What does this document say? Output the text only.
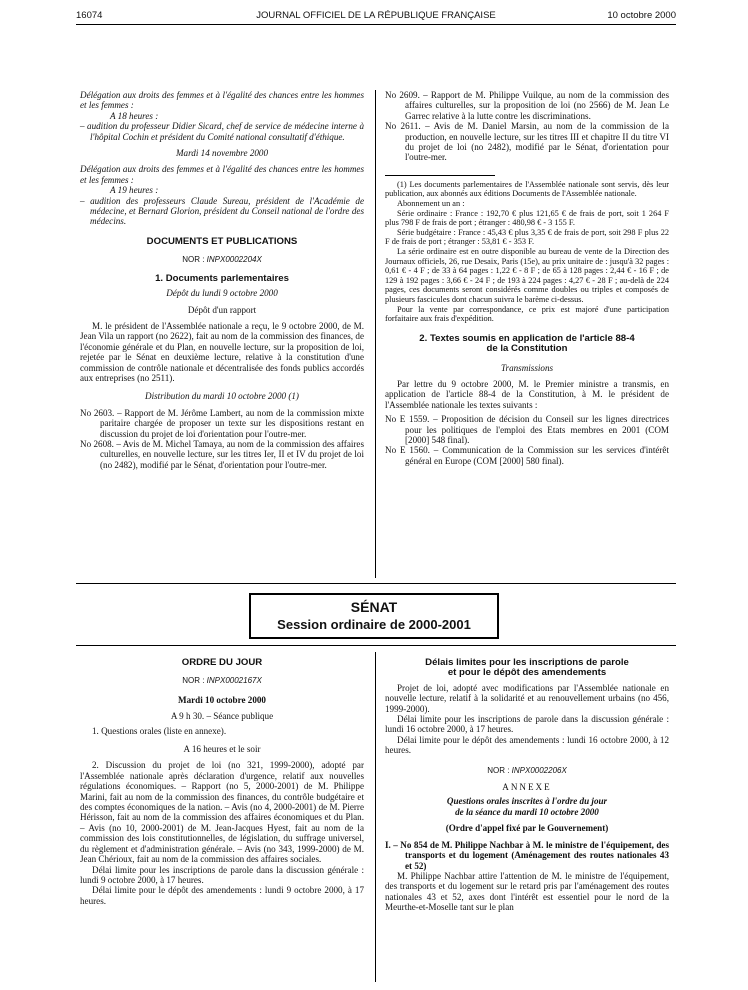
16074	JOURNAL OFFICIEL DE LA RÉPUBLIQUE FRANÇAISE	10 octobre 2000

Délégation aux droits des femmes et à l'égalité des chances entre les hommes et les femmes :

A 18 heures :

– audition du professeur Didier Sicard, chef de service de médecine interne à l'hôpital Cochin et président du Comité national consultatif d'éthique.

Mardi 14 novembre 2000

Délégation aux droits des femmes et à l'égalité des chances entre les hommes et les femmes :

A 19 heures :

– audition des professeurs Claude Sureau, président de l'Académie de médecine, et Bernard Glorion, président du Conseil national de l'ordre des médecins.

DOCUMENTS ET PUBLICATIONS

NOR : INPX0002204X

1. Documents parlementaires

Dépôt du lundi 9 octobre 2000

Dépôt d'un rapport

M. le président de l'Assemblée nationale a reçu, le 9 octobre 2000, de M. Jean Vila un rapport (no 2622), fait au nom de la commission des finances, de l'économie générale et du Plan, en nouvelle lecture, sur la proposition de loi, rejetée par le Sénat en deuxième lecture, relative à la constitution d'une commission de contrôle nationale et décentralisée des fonds publics accordés aux entreprises (no 2511).

Distribution du mardi 10 octobre 2000 (1)

No 2603. – Rapport de M. Jérôme Lambert, au nom de la commission mixte paritaire chargée de proposer un texte sur les dispositions restant en discussion du projet de loi d'orientation pour l'outre-mer.

No 2608. – Avis de M. Michel Tamaya, au nom de la commission des affaires culturelles, en nouvelle lecture, sur les titres Ier, II et IV du projet de loi (no 2482), modifié par le Sénat, d'orientation pour l'outre-mer.

No 2609. – Rapport de M. Philippe Vuilque, au nom de la commission des affaires culturelles, sur la proposition de loi (no 2566) de M. Jean Le Garrec relative à la lutte contre les discriminations.

No 2611. – Avis de M. Daniel Marsin, au nom de la commission de la production, en nouvelle lecture, sur les titres III et chapitre II du titre VI du projet de loi (no 2482), modifié par le Sénat, d'orientation pour l'outre-mer.

(1) Les documents parlementaires de l'Assemblée nationale sont servis, dès leur publication, aux abonnés aux éditions Documents de l'Assemblée nationale.

Abonnement un an :

Série ordinaire : France : 192,70 € plus 121,65 € de frais de port, soit 1 264 F plus 798 F de frais de port ; étranger : 480,98 € - 3 155 F.

Série budgétaire : France : 45,43 € plus 3,35 € de frais de port, soit 298 F plus 22 F de frais de port ; étranger : 53,81 € - 353 F.

La série ordinaire est en outre disponible au bureau de vente de la Direction des Journaux officiels, 26, rue Desaix, Paris (15e), au prix unitaire de : jusqu'à 32 pages : 0,61 € - 4 F ; de 33 à 64 pages : 1,22 € - 8 F ; de 65 à 128 pages : 2,44 € - 16 F ; de 129 à 192 pages : 3,66 € - 24 F ; de 193 à 224 pages : 4,27 € - 28 F ; au-delà de 224 pages, ces documents seront considérés comme doubles ou triples et composés de plusieurs fascicules dont chacun suivra le barème ci-dessus.

Pour la vente par correspondance, ce prix est majoré d'une participation forfaitaire aux frais d'expédition.

2. Textes soumis en application de l'article 88-4
de la Constitution

Transmissions

Par lettre du 9 octobre 2000, M. le Premier ministre a transmis, en application de l'article 88-4 de la Constitution, à M. le président de l'Assemblée nationale les textes suivants :

No E 1559. – Proposition de décision du Conseil sur les lignes directrices pour les politiques de l'emploi des Etats membres en 2001 (COM [2000] 548 final).

No E 1560. – Communication de la Commission sur les services d'intérêt général en Europe (COM [2000] 580 final).

SÉNAT
Session ordinaire de 2000-2001

ORDRE DU JOUR

NOR : INPX0002167X

Mardi 10 octobre 2000

A 9 h 30. – Séance publique

1. Questions orales (liste en annexe).

A 16 heures et le soir

2. Discussion du projet de loi (no 321, 1999-2000), adopté par l'Assemblée nationale après déclaration d'urgence, relatif aux nouvelles régulations économiques. – Rapport (no 5, 2000-2001) de M. Philippe Marini, fait au nom de la commission des finances, du contrôle budgétaire et des comptes économiques de la nation. – Avis (no 4, 2000-2001) de M. Pierre Hérisson, fait au nom de la commission des affaires économiques et du Plan. – Avis (no 10, 2000-2001) de M. Jean-Jacques Hyest, fait au nom de la commission des lois constitutionnelles, de législation, du suffrage universel, du règlement et d'administration générale. – Avis (no 343, 1999-2000) de M. Jean Chérioux, fait au nom de la commission des affaires sociales.

Délai limite pour les inscriptions de parole dans la discussion générale : lundi 9 octobre 2000, à 17 heures.

Délai limite pour le dépôt des amendements : lundi 9 octobre 2000, à 17 heures.

Délais limites pour les inscriptions de parole
et pour le dépôt des amendements

Projet de loi, adopté avec modifications par l'Assemblée nationale en nouvelle lecture, relatif à la solidarité et au renouvellement urbains (no 456, 1999-2000).

Délai limite pour les inscriptions de parole dans la discussion générale : lundi 16 octobre 2000, à 17 heures.

Délai limite pour le dépôt des amendements : lundi 16 octobre 2000, à 12 heures.

NOR : INPX0002206X

ANNEXE

Questions orales inscrites à l'ordre du jour
de la séance du mardi 10 octobre 2000

(Ordre d'appel fixé par le Gouvernement)

I. – No 854 de M. Philippe Nachbar à M. le ministre de l'équipement, des transports et du logement (Aménagement des routes nationales 43 et 52)

M. Philippe Nachbar attire l'attention de M. le ministre de l'équipement, des transports et du logement sur le retard pris par l'aménagement des routes nationales 43 et 52, axes dont l'intérêt est essentiel pour le nord de la Meurthe-et-Moselle tant sur le plan
